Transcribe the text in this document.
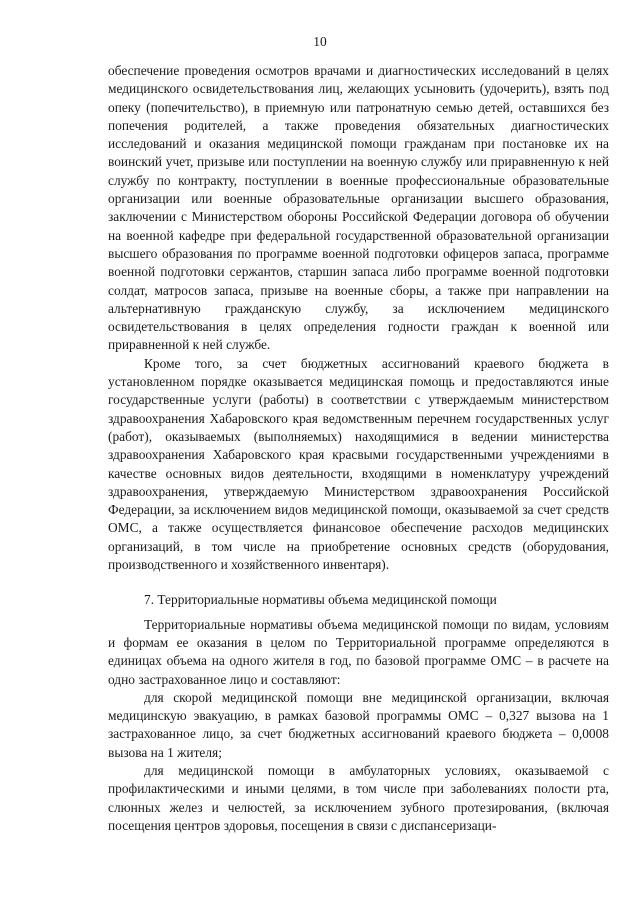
10

обеспечение проведения осмотров врачами и диагностических исследований в целях медицинского освидетельствования лиц, желающих усыновить (удочерить), взять под опеку (попечительство), в приемную или патронатную семью детей, оставшихся без попечения родителей, а также проведения обязательных диагностических исследований и оказания медицинской помощи гражданам при постановке их на воинский учет, призыве или поступлении на военную службу или приравненную к ней службу по контракту, поступлении в военные профессиональные образовательные организации или военные образовательные организации высшего образования, заключении с Министерством обороны Российской Федерации договора об обучении на военной кафедре при федеральной государственной образовательной организации высшего образования по программе военной подготовки офицеров запаса, программе военной подготовки сержантов, старшин запаса либо программе военной подготовки солдат, матросов запаса, призыве на военные сборы, а также при направлении на альтернативную гражданскую службу, за исключением медицинского освидетельствования в целях определения годности граждан к военной или приравненной к ней службе.

Кроме того, за счет бюджетных ассигнований краевого бюджета в установленном порядке оказывается медицинская помощь и предоставляются иные государственные услуги (работы) в соответствии с утверждаемым министерством здравоохранения Хабаровского края ведомственным перечнем государственных услуг (работ), оказываемых (выполняемых) находящимися в ведении министерства здравоохранения Хабаровского края красвыми государственными учреждениями в качестве основных видов деятельности, входящими в номенклатуру учреждений здравоохранения, утверждаемую Министерством здравоохранения Российской Федерации, за исключением видов медицинской помощи, оказываемой за счет средств ОМС, а также осуществляется финансовое обеспечение расходов медицинских организаций, в том числе на приобретение основных средств (оборудования, производственного и хозяйственного инвентаря).

7. Территориальные нормативы объема медицинской помощи

Территориальные нормативы объема медицинской помощи по видам, условиям и формам ее оказания в целом по Территориальной программе определяются в единицах объема на одного жителя в год, по базовой программе ОМС – в расчете на одно застрахованное лицо и составляют:

для скорой медицинской помощи вне медицинской организации, включая медицинскую эвакуацию, в рамках базовой программы ОМС – 0,327 вызова на 1 застрахованное лицо, за счет бюджетных ассигнований краевого бюджета – 0,0008 вызова на 1 жителя;

для медицинской помощи в амбулаторных условиях, оказываемой с профилактическими и иными целями, в том числе при заболеваниях полости рта, слюнных желез и челюстей, за исключением зубного протезирования, (включая посещения центров здоровья, посещения в связи с диспансеризаци-
